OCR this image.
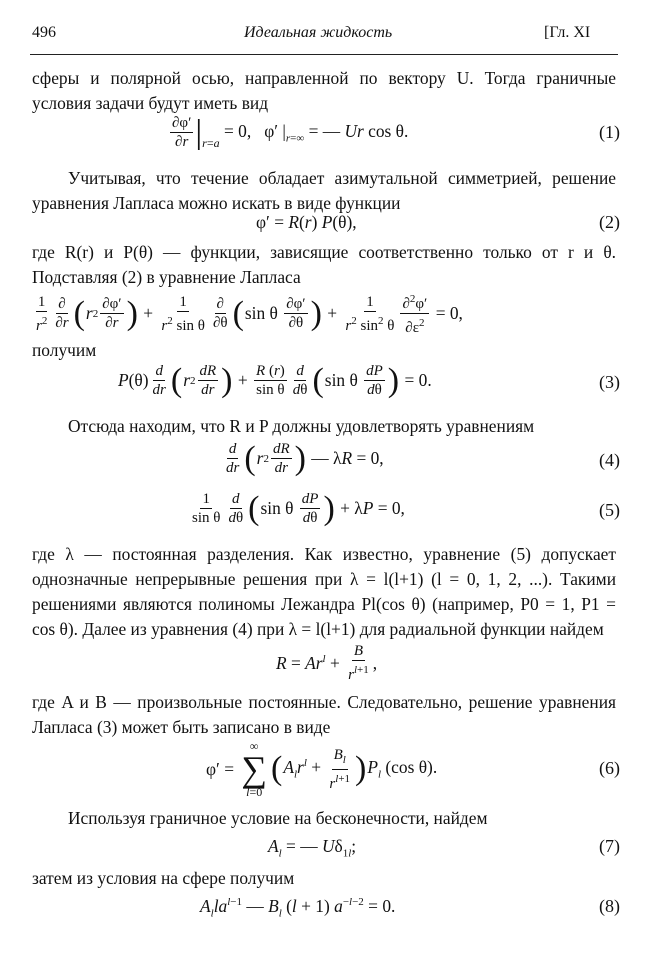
496	Идеальная жидкость	[Гл. XI
сферы и полярной осью, направленной по вектору U. Тогда граничные условия задачи будут иметь вид
$\frac{\partial\varphi'}{\partial r}$ | r=a
= 0,   φ′ $|_{r=\infty}$ = — Ur cos θ.	(1)
Учитывая, что течение обладает азимутальной симметрией, решение уравнения Лапласа можно искать в виде функции
φ′ = R(r) P(θ),	(2)
где R(r) и P(θ) — функции, зависящие соответственно только от r и θ. Подставляя (2) в уравнение Лапласа
$\frac{1}{r^2} \frac{\partial}{\partial r}$ ( r $2 \frac{\partial\varphi'}{\partial r}$ ) + $\frac{1}{r^2 \sin \theta} \frac{\partial}{\partial\theta}$ ( sin θ $\frac{\partial\varphi'}{\partial\theta}$ ) + $\frac{1}{r^2 \sin^2 \theta} \frac{\partial^2\varphi'}{\partial\varepsilon^2} = 0$,
получим
$P(\theta) \frac{d}{dr}$ ( r $2 \frac{dR}{dr}$ ) + $\frac{R (r)}{\text{sin θ}} \frac{d}{d\theta}$ ( sin θ $\frac{dP}{d\theta}$ ) = 0.	(3)
Отсюда находим, что R и P должны удовлетворять уравнениям
$\frac{d}{dr}$ ( r $2 \frac{dR}{dr}$ ) — λR = 0,	(4)
$\frac{1}{\text{sin θ}} \frac{d}{d\theta}$ ( sin θ $\frac{dP}{d\theta}$ ) + λP = 0,	(5)
где λ — постоянная разделения. Как известно, уравнение (5) допускает однозначные непрерывные решения при λ = l(l+1) (l = 0, 1, 2, ...). Такими решениями являются полиномы Лежандра Pl(cos θ) (например, P0 = 1, P1 = cos θ). Далее из уравнения (4) при λ = l(l+1) для радиальной функции найдем
$R = Ar^l + \frac{B}{r^{l+1}}$ ,
где A и B — произвольные постоянные. Следовательно, решение уравнения Лапласа (3) может быть записано в виде
φ′ =
∞
∑
l=0
( $A_lr^l + \frac{B_l}{r^{l+1}}$ ) $P_l$ (cos θ).	(6)
Используя граничное условие на бесконечности, найдем
$A_l$ = — $U\delta_{1l}$;	(7)
затем из условия на сфере получим
$A_lla^{l-1}$ — $B_l$ (l + 1) $a^{-l-2} = 0$.	(8)
